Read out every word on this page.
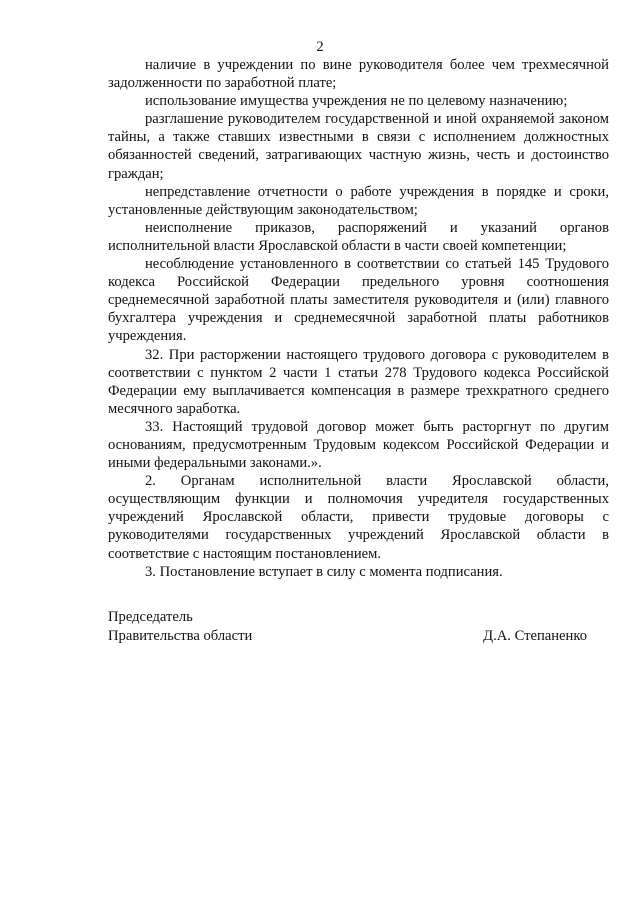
2

наличие в учреждении по вине руководителя более чем трехмесячной задолженности по заработной плате;

использование имущества учреждения не по целевому назначению;

разглашение руководителем государственной и иной охраняемой законом тайны, а также ставших известными в связи с исполнением должностных обязанностей сведений, затрагивающих частную жизнь, честь и достоинство граждан;

непредставление отчетности о работе учреждения в порядке и сроки, установленные действующим законодательством;

неисполнение приказов, распоряжений и указаний органов исполнительной власти Ярославской области в части своей компетенции;

несоблюдение установленного в соответствии со статьей 145 Трудового кодекса Российской Федерации предельного уровня соотношения среднемесячной заработной платы заместителя руководителя и (или) главного бухгалтера учреждения и среднемесячной заработной платы работников учреждения.

32. При расторжении настоящего трудового договора с руководителем в соответствии с пунктом 2 части 1 статьи 278 Трудового кодекса Российской Федерации ему выплачивается компенсация в размере трехкратного среднего месячного заработка.

33. Настоящий трудовой договор может быть расторгнут по другим основаниям, предусмотренным Трудовым кодексом Российской Федерации и иными федеральными законами.».

2. Органам исполнительной власти Ярославской области, осуществляющим функции и полномочия учредителя государственных учреждений Ярославской области, привести трудовые договоры с руководителями государственных учреждений Ярославской области в соответствие с настоящим постановлением.

3. Постановление вступает в силу с момента подписания.

Председатель
Правительства области	Д.А. Степаненко
